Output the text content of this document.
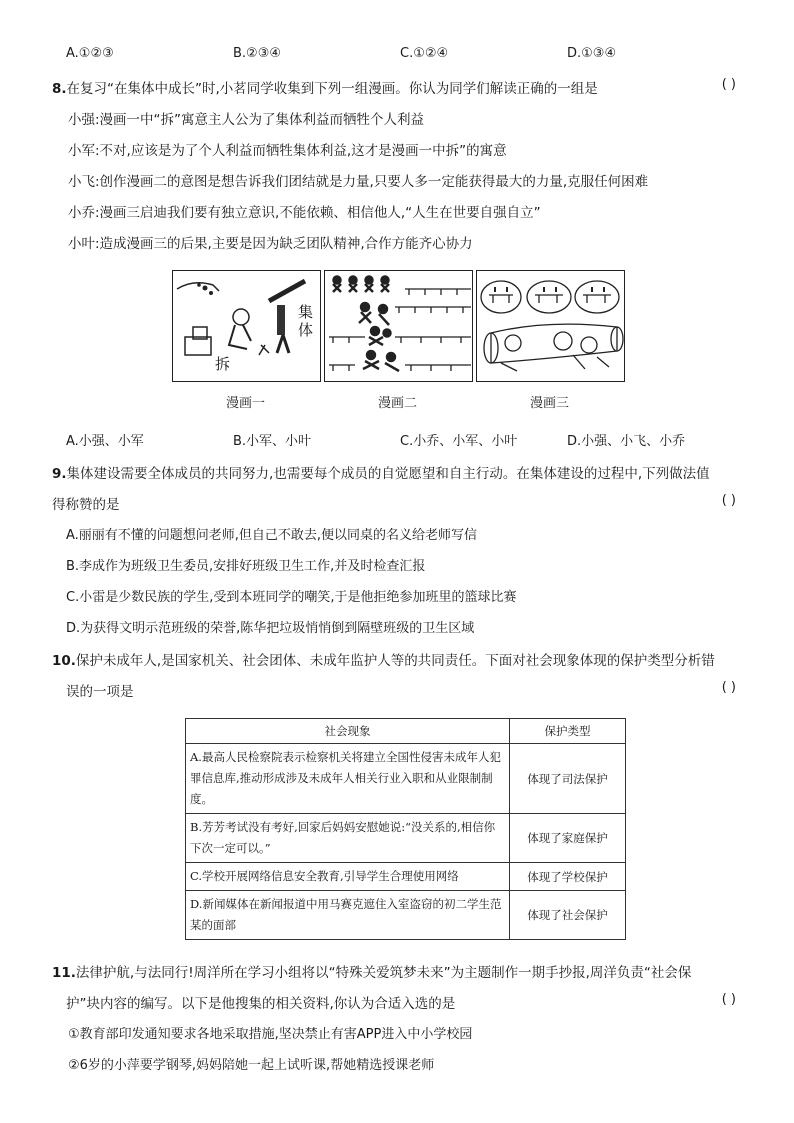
A.①②③	B.②③④	C.①②④	D.①③④
8.在复习“在集体中成长”时,小茗同学收集到下列一组漫画。你认为同学们解读正确的一组是	( )
小强:漫画一中“拆”寓意主人公为了集体利益而牺牲个人利益
小军:不对,应该是为了个人利益而牺牲集体利益,这才是漫画一中拆”的寓意
小飞:创作漫画二的意图是想告诉我们团结就是力量,只要人多一定能获得最大的力量,克服任何困难
小乔:漫画三启迪我们要有独立意识,不能依赖、相信他人,“人生在世要自强自立”
小叶:造成漫画三的后果,主要是因为缺乏团队精神,合作方能齐心协力
集
体
拆
漫画一	漫画二	漫画三
A.小强、小军	B.小军、小叶	C.小乔、小军、小叶	D.小强、小飞、小乔
9.集体建设需要全体成员的共同努力,也需要每个成员的自觉愿望和自主行动。在集体建设的过程中,下列做法值
得称赞的是	( )
A.丽丽有不懂的问题想问老师,但自己不敢去,便以同桌的名义给老师写信
B.李成作为班级卫生委员,安排好班级卫生工作,并及时检查汇报
C.小雷是少数民族的学生,受到本班同学的嘲笑,于是他拒绝参加班里的篮球比赛
D.为获得文明示范班级的荣誉,陈华把垃圾悄悄倒到隔壁班级的卫生区域
10.保护未成年人,是国家机关、社会团体、未成年监护人等的共同责任。下面对社会现象体现的保护类型分析错
误的一项是	( )
社会现象	保护类型
A.最高人民检察院表示检察机关将建立全国性侵害未成年人犯罪信息库,推动形成涉及未成年人相关行业入职和从业限制制度。	体现了司法保护
B.芳芳考试没有考好,回家后妈妈安慰她说:“没关系的,相信你下次一定可以。”	体现了家庭保护
C.学校开展网络信息安全教育,引导学生合理使用网络	体现了学校保护
D.新闻媒体在新闻报道中用马赛克遮住入室盗窃的初二学生范某的面部	体现了社会保护
11.法律护航,与法同行!周洋所在学习小组将以“特殊关爱筑梦未来”为主题制作一期手抄报,周洋负责“社会保
护”块内容的编写。以下是他搜集的相关资料,你认为合适入选的是	( )
①教育部印发通知要求各地采取措施,坚决禁止有害APP进入中小学校园
②6岁的小萍要学钢琴,妈妈陪她一起上试听课,帮她精选授课老师
